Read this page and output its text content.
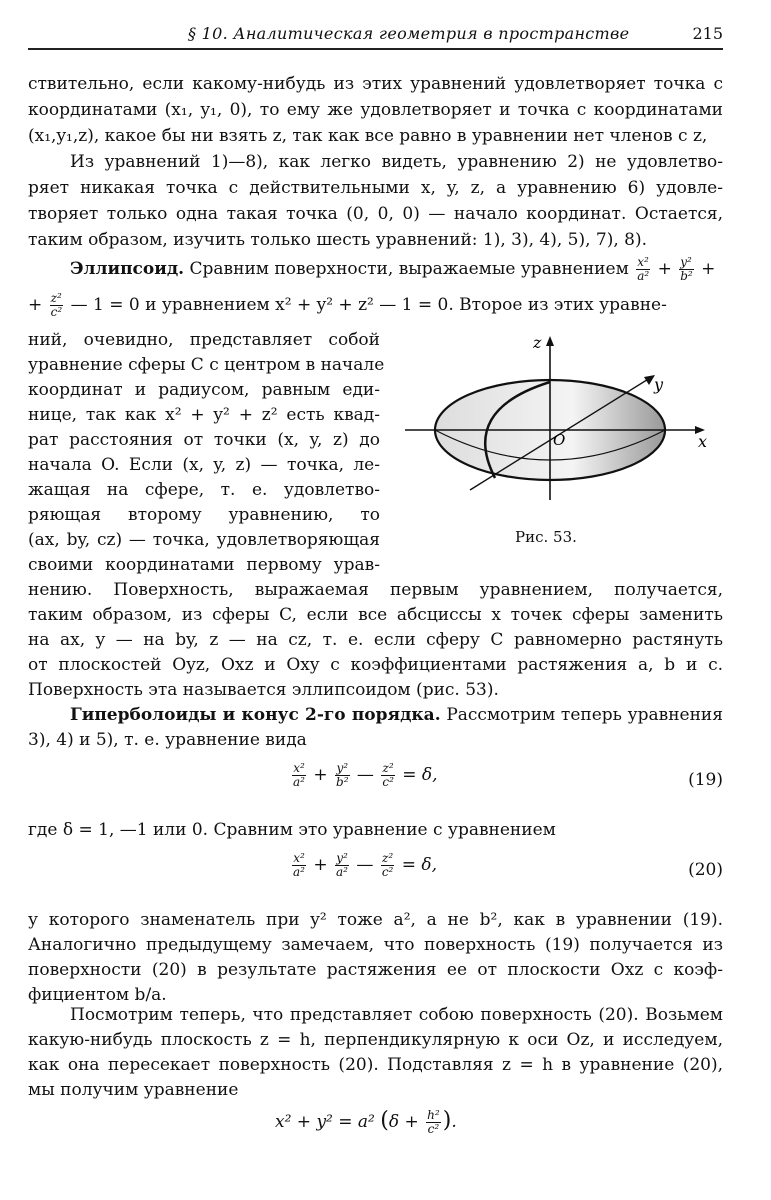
§ 10. Аналитическая геометрия в пространстве	215
ствительно, если какому-нибудь из этих уравнений удовлетворяет точка с
координатами (x₁, y₁, 0), то ему же удовлетворяет и точка с координатами
(x₁,y₁,z), какое бы ни взять z, так как все равно в уравнении нет членов с z,
Из уравнений 1)—8), как легко видеть, уравнению 2) не удовлетво-
ряет никакая точка с действительными x, y, z, а уравнению 6) удовле-
творяет только одна такая точка (0, 0, 0) — начало координат. Остается,
таким образом, изучить только шесть уравнений: 1), 3), 4), 5), 7), 8).
Эллипсоид. Сравним поверхности, выражаемые уравнением $\frac{\text{x²}}{\text{a²}} + \frac{\text{y²}}{\text{b²}}$ +
+ $\frac{\text{z²}}{\text{c²}}$ — 1 = 0 и уравнением x² + y² + z² — 1 = 0. Второе из этих уравне-
ний, очевидно, представляет собой
уравнение сферы C с центром в начале
координат и радиусом, равным еди-
нице, так как x² + y² + z² есть квад-
рат расстояния от точки (x, y, z) до
начала O. Если (x, y, z) — точка, ле-
жащая на сфере, т. е. удовлетво-
ряющая второму уравнению, то
(ax, by, cz) — точка, удовлетворяющая
своими координатами первому урав-
z
y
x
O
Рис. 53.
нению. Поверхность, выражаемая первым уравнением, получается,
таким образом, из сферы C, если все абсциссы x точек сферы заменить
на ax, y — на by, z — на cz, т. е. если сферу C равномерно растянуть
от плоскостей Oyz, Oxz и Oxy с коэффициентами растяжения a, b и c.
Поверхность эта называется эллипсоидом (рис. 53).
Гиперболоиды и конус 2-го порядка. Рассмотрим теперь уравнения
3), 4) и 5), т. е. уравнение вида
$\frac{\text{x²}}{\text{a²}} + \frac{\text{y²}}{\text{b²}}$ — $\frac{\text{z²}}{\text{c²}} = \delta$,	(19)
где δ = 1, —1 или 0. Сравним это уравнение с уравнением
$\frac{\text{x²}}{\text{a²}} + \frac{\text{y²}}{\text{a²}}$ — $\frac{\text{z²}}{\text{c²}} = \delta$,	(20)
у которого знаменатель при y² тоже a², а не b², как в уравнении (19).
Аналогично предыдущему замечаем, что поверхность (19) получается из
поверхности (20) в результате растяжения ее от плоскости Oxz с коэф-
фициентом b/a.
Посмотрим теперь, что представляет собою поверхность (20). Возьмем
какую-нибудь плоскость z = h, перпендикулярную к оси Oz, и исследуем,
как она пересекает поверхность (20). Подставляя z = h в уравнение (20),
мы получим уравнение
x² + y² = a² ($\delta + \frac{\text{h²}}{\text{c²}}$ ).
